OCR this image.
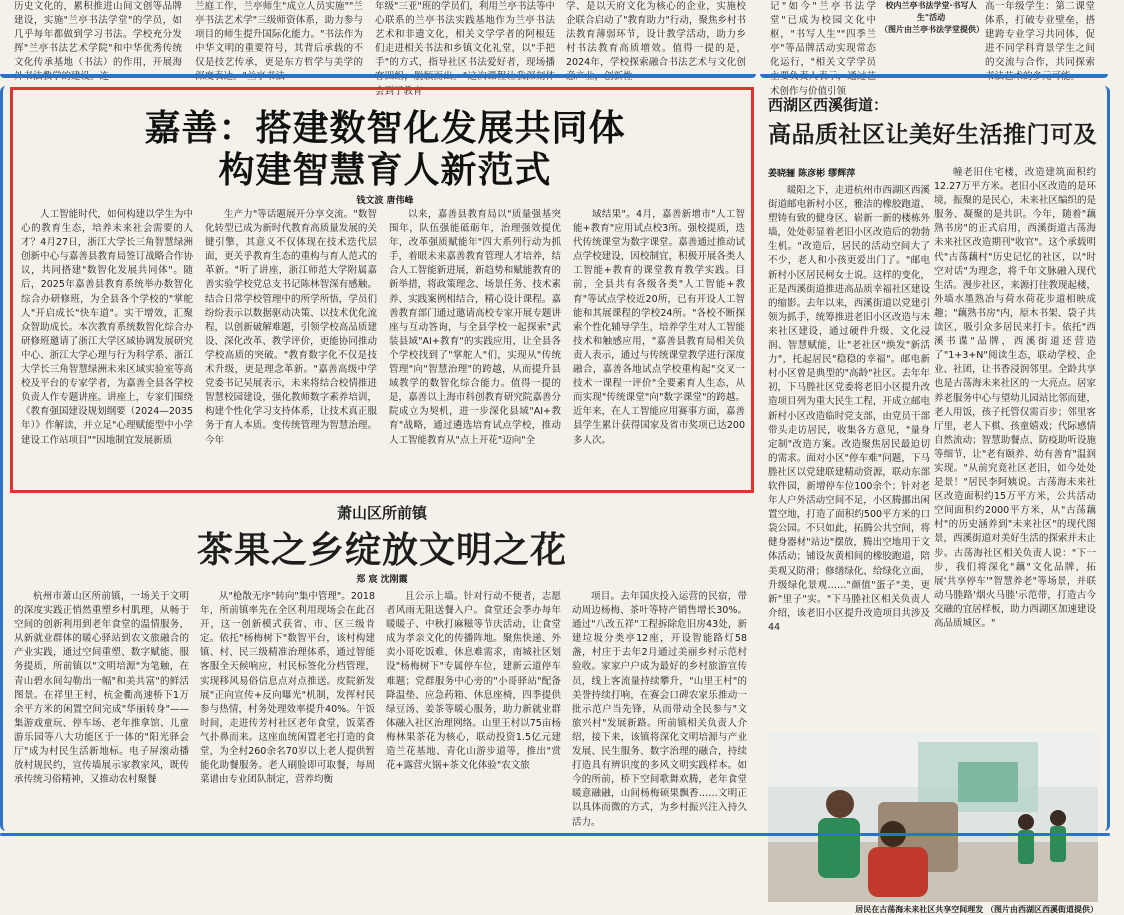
历史文化的，累积推进山间文创等品牌建设，实施"兰亭书法学堂"的学员，如几乎每年都做到学习书法。学校充分发挥"兰亭书法艺术学院"和中华优秀传统文化传承基地（书法）的作用，开展海
兰庭工作，兰亭师生"成立人员实施""兰亭书法艺术学"三级师资体系，助力参与项目的师生提升国际化能力。"书法作为中华文明的重要符号，其背后承载的不仅是技艺传承，更是东方哲学与美学的
年级"三亚"班的学员们，利用兰亭书法等中心联系的兰亭书法实践基地作为兰亭书法艺术和非遗文化，相关文学学者的阿根廷们走进相关书法和乡镇文化礼堂，以"手把手"的方式，指导社区书法爱好者，现场播 会到了教育
学、是以天府文化为核心的企业，实施校企联合启动了"教育助力"行动，聚焦乡村书法教育薄弱环节，设计教学活动，助力乡村书法教育高质增效。值得一提的是，2024年，学校探索融合书法艺术与文化创
记"如今"兰亭书法学堂"已成为校园文化中枢，"书写人生""四季兰亭"等品牌活动实现常态化运行，"相关文学学员 术创作与价值引领
高一年级学生：第二课堂体系，打破专业壁垒，搭建跨专业学习共同体，促进不同学科背景学生之间的交流与合作，共同探索
校内兰亭书法学堂·书写人生"活动
（图片由兰亭书法学堂提供）
嘉善：搭建数智化发展共同体
构建智慧育人新范式
钱文波 唐伟峰

人工智能时代，如何构建以学生为中心的教育生态，培养未来社会需要的人才？4月27日，浙江大学长三角智慧绿洲创新中心与嘉善县教育局签订战略合作协议，共同搭建"数智化发展共同体"。随后，2025年嘉善县教育系统举办数智化综合办研修班，为全县各个学校的"掌舵人"开启成长"快车道"。实干增效，汇聚众智助成长。本次教育系统数智化综合办研修班邀请了浙江大学区域协调发展研究中心、浙江大学心理与行为科学系、浙江大学长三角智慧绿洲未来区域实验室等高校及平台的专家学者，为嘉善全县各学校负责人作专题讲座。讲座上，专家们围绕《教育强国建设规划纲要（2024—2035年）》作解读，并立足"心理赋能型中小学建设工作站项目""因地制宜发展新质

生产力"等话题展开分享交流。"数智化转型已成为新时代教育高质量发展的关键引擎，其意义不仅体现在技术迭代层面，更关乎教育生态的重构与育人范式的革新。"听了讲座，浙江师范大学附属嘉善实验学校党总支书记陈林智深有感触。结合日常学校管理中的所学所悟，学员们纷纷表示以数据驱动决策、以技术优化流程，以创新破解难题，引领学校高品质建设、深化改革、教学评价，更能协同推动学校高质的突破。"教育数字化不仅是技术升级，更是理念革新。"嘉善高级中学党委书记吴展表示，未来将结合校情推进智慧校园建设，强化教师数字素养培训，构建个性化学习支持体系，让技术真正服务于育人本质。变传统管理为智慧治理。今年

以来，嘉善县教育局以"质量强基突围年，队伍强能砥砺年，治理强效提优年，改革强质赋能年"四大系列行动为抓手，着眼未来嘉善教育管理人才培养，结合人工智能新进展，新趋势和赋能教育的新举措，将政策理念、场景任务、技术素养、实践案例相结合，精心设计课程。嘉善教育部门通过邀请高校专家开展专题讲座与互动答询，与全县学校一起探索"武装县域"AI+教育"的实践应用，让全县各个学校找到了"掌舵人"们，实现从"传统管理"向"智慧治理"的跨越，从而提升县域教学的数智化综合能力。值得一提的是，嘉善以上海市科创教育研究院嘉善分院成立为契机，进一步深化县域"AI+教育"战略，通过遴选培育试点学校，推动人工智能教育从"点上开花"迈向"全

域结果"。4月，嘉善新增市"人工智能+教育"应用试点校3所。强校提质，迭代传统课堂为数字课堂。嘉善通过推动试点学校建设，因校制宜，积极开展各类人工智能+教育的课堂教育教学实践。目前，全县共有各级各类"人工智能+教育"等试点学校近20所，已有开设人工智能和其展课程的学校24所。"各校不断探索个性化辅导学生，培养学生对人工智能技术和触感应用，"嘉善县教育局相关负责人表示，通过与传统课堂教学进行深度融合，嘉善各地试点学校重构起"交叉一技术一课程一评价"全要素育人生态，从而实现"传统课堂"向"数字课堂"的跨越。近年来，在人工智能应用赛事方面，嘉善县学生累计获得国家及省市奖项已达200多人次。

萧山区所前镇
茶果之乡绽放文明之花
郑 宸 沈刚霞

杭州市萧山区所前镇，一场关于文明的深度实践正悄然重塑乡村肌理，从畅于空间的创新利用到老年食堂的温情服务，从新就业群体的暖心驿站到农文旅融合的产业实践，通过空间重塑、数字赋能、服务提质，所前镇以"文明培源"为笔触，在青山碧水间勾勒出一幅"和美共富"的鲜活图景。在祥里王村，杭金衢高速桥下1万余平方米的闲置空间完成"华丽转身"——集游戏童玩、停车场、老年推拿馆、儿童游乐园等八大功能区于一体的"阳光驿会厅"成为村民生活新地标。电子屏滚动播放村规民约，宣传墙展示家教家风，既传承传统习俗精神，又推动农村聚餐

从"枪散无序"转向"集中管理"。2018年，所前镇率先在全区利用现场会在此召开，这一创新模式获省、市、区三级肯定。依托"杨梅树下"数智平台，该村构建镇、村、民三级精准治理体系，通过智能客服全天候响应，村民标签化分档管理，实现移风易俗信息点对点推送。皮院新发展"正向宣传+反向曝光"机制，发挥村民参与热情，村务处理效率提升40%。午饭时间，走进传芳村社区老年食堂，饭菜香气扑鼻而来。这座血统闲置老宅打造的食堂，为全村260余名70岁以上老人提供暂能化助餐服务。老人刷脸即可取餐，每周菜谱由专业团队制定，营养均衡

且公示上墙。针对行动不便者，志愿者风雨无阻送餐入户。食堂还会季办每年暖暖子、中秋打麻糍等节庆活动，让食堂成为孝亲文化的传播阵地。聚焦快递、外卖小哥吃饭难、休息难需求，南城社区划设"杨梅树下"专属停车位，建新云道停车难题；党群服务中心旁的"小哥驿站"配备降温垫、应急药箱、休息座椅，四季提供绿豆汤、姜茶等暖心服务，助力新就业群体融入社区治理网络。山里王村以75亩杨梅林果茶花为核心，联动投资1.5亿元建造兰花基地、青化山游步道等，推出"赏花+露营火锅+茶文化体验"农文旅

项目。去年国庆投入运营的民宿，带动周边杨梅、茶叶等特产销售增长30%。通过"八改五祥"工程拆除危旧房43处，新建垃圾分类亭12座，开设智能路灯58盏，村庄于去年2月通过美丽乡村示范村验收。家家户户成为最好的乡村旅游宣传员，线上客流量持续攀升，"山里王村"的美誉持续打响，在赛会口碑农家乐推动一批示范户当先锋，从而带动全民参与"文旅兴村"发展新路。所前镇相关负责人介绍，接下来，该镇将深化文明培源与产业发展、民生服务、数字治理的融合，持续打造具有辨识度的多风文明实践样本。如今的所前，桥下空间歌舞欢腾，老年食堂暖意融融，山间杨梅硕果飘香……文明正以具体而微的方式，为乡村振兴注入持久活力。

西湖区西溪街道：
高品质社区让美好生活推门可及
姜晓骊 陈彦彬 缪辉萍

暖阳之下，走进杭州市西湖区西溪街道邮电新村小区，雅洁的橡胶跑道、塑铸有致的健身区、崭新一新的楼栋外墙，处处彰显着老旧小区改造后的勃勃生机。"改造后，居民的活动空间大了不少，老人和小孩更爱出门了。"邮电新村小区居民柯女士说。这样的变化，正是西溪街道推进高品质幸福社区建设的缩影。去年以来，西溪街道以党建引领为抓手，统筹推进老旧小区改造与未来社区建设，通过硬件升级、文化浸润、智慧赋能，让"老社区"焕发"新活力"，托起居民"稳稳的幸福"。邮电新村小区曾是典型的"高龄"社区。去年年初，下马塍社区党委将老旧小区提升改造项目列为重大民生工程，开成立邮电新村小区改造临时党支部，由党员干部带头走访居民，收集各方意见，"量身定制"改造方案。改造聚焦居民最迫切的需求。面对小区"停车难"问题，下马塍社区以党建联建精动资源，联动东部软件园，新增停车位100余个；针对老年人户外活动空间不足，小区腾挪出闲置空地，打造了面积约500平方米的口袋公园。不只如此，拓腾公共空间，将健身器材"站边"摆放，腾出空地用于文体活动；铺设灰黄相间的橡胶跑道，陪美观又防滑；修缮绿化、给绿化立面，升级绿化景观……"颜值"蛋子"美，更新"里子"实。"下马塍社区相关负责人介绍，该老旧小区提升改造项目共涉及44

幢老旧住宅楼，改造建筑面积约12.27万平方米。老旧小区改造的是环境，振聚的是民心，未来社区编织的是服务、凝聚的是共识。今年，随着"藕熟书房"的正式启用，西溪街道古荡海未来社区改造期刊"收官"。这个承载明代"古荡藕村"历史记忆的社区，以"时空对话"为理念，将千年文脉融入现代生活。漫步社区，来源打往教现起楼，外墙水墨熟冶与荷水荷花步道相映成趣；"藕熟书房"内，原木书架、袋子共读区，吸引众多居民来打卡。依托"西溪书谍"品牌，西溪街道还营造了"1+3+N"阅读生态，联动学校、企业、社团，让书香浸润邻里。全龄共享也是古荡海未来社区的一大亮点。居家养老服务中心与望幼儿园站比邻而建，老人用饭，孩子托管仅需百步；邻里客厅里，老人下棋、孩童嬉戏；代际感情自然流动；智慧助餐点、防疫助听设施等细节，让"老有颐养、幼有善育"温润实现。"从前究竟社区老旧，如今处处是景！"居民李阿姨说。古荡海未来社区改造面积约15万平方米，公共活动空间面积约2000平方米，从"古荡藕村"的历史涵养到"未来社区"的现代图景，西溪街道对美好生活的探索并未止步。古荡海社区相关负责人说："下一步，我们将深化"藕"文化品牌，拓展'共享停车'"智慧养老"等场景，并联动马塍路'烟火马塍'示范带，打造古今交融的宜居样板，助力西湖区加速建设高品质城区。"

居民在古荡海未来社区共享空间理发 （图片由西湖区西溪街道提供）
